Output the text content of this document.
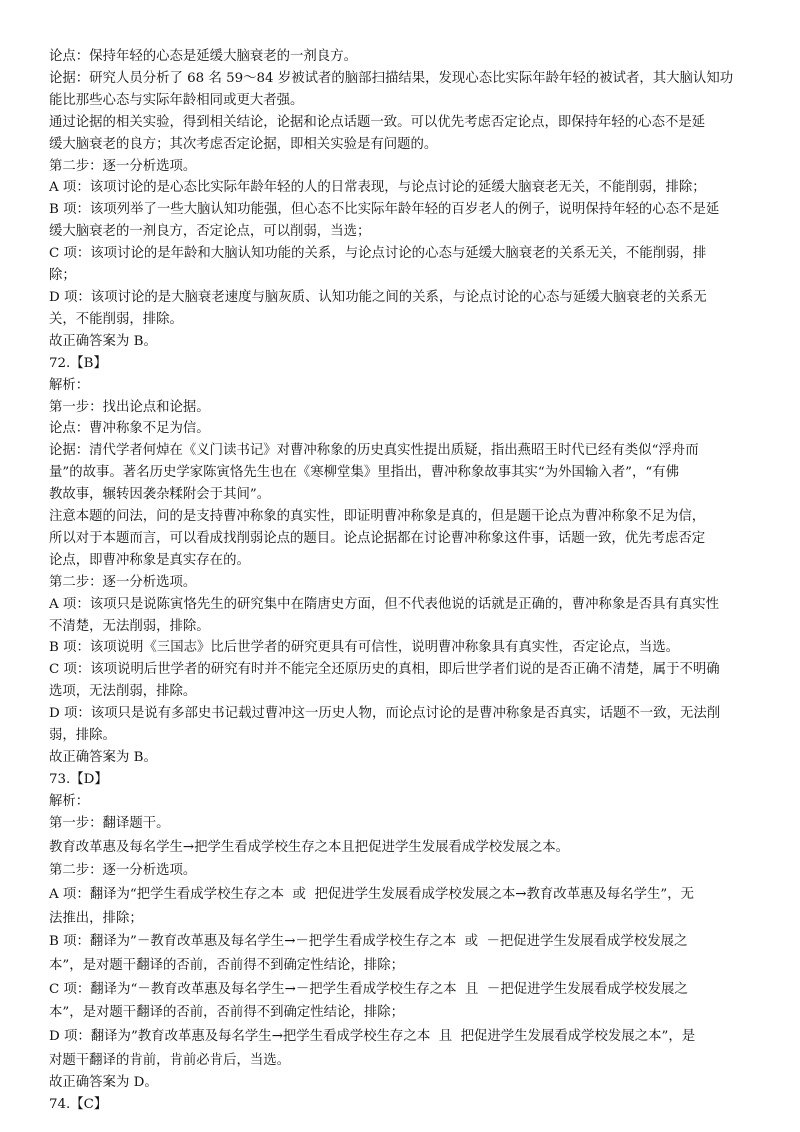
论点：保持年轻的心态是延缓大脑衰老的一剂良方。
论据：研究人员分析了 68 名 59～84 岁被试者的脑部扫描结果，发现心态比实际年龄年轻的被试者，其大脑认知功
能比那些心态与实际年龄相同或更大者强。
通过论据的相关实验，得到相关结论，论据和论点话题一致。可以优先考虑否定论点，即保持年轻的心态不是延
缓大脑衰老的良方；其次考虑否定论据，即相关实验是有问题的。
第二步：逐一分析选项。
A 项：该项讨论的是心态比实际年龄年轻的人的日常表现，与论点讨论的延缓大脑衰老无关，不能削弱，排除；
B 项：该项列举了一些大脑认知功能强，但心态不比实际年龄年轻的百岁老人的例子，说明保持年轻的心态不是延
缓大脑衰老的一剂良方，否定论点，可以削弱，当选；
C 项：该项讨论的是年龄和大脑认知功能的关系，与论点讨论的心态与延缓大脑衰老的关系无关，不能削弱，排
除；
D 项：该项讨论的是大脑衰老速度与脑灰质、认知功能之间的关系，与论点讨论的心态与延缓大脑衰老的关系无
关，不能削弱，排除。
故正确答案为 B。
72.【B】
解析：
第一步：找出论点和论据。
论点：曹冲称象不足为信。
论据：清代学者何焯在《义门读书记》对曹冲称象的历史真实性提出质疑，指出燕昭王时代已经有类似“浮舟而
量”的故事。著名历史学家陈寅恪先生也在《寒柳堂集》里指出，曹冲称象故事其实“为外国输入者”，“有佛
教故事，辗转因袭杂糅附会于其间”。
注意本题的问法，问的是支持曹冲称象的真实性，即证明曹冲称象是真的，但是题干论点为曹冲称象不足为信，
所以对于本题而言，可以看成找削弱论点的题目。论点论据都在讨论曹冲称象这件事，话题一致，优先考虑否定
论点，即曹冲称象是真实存在的。
第二步：逐一分析选项。
A 项：该项只是说陈寅恪先生的研究集中在隋唐史方面，但不代表他说的话就是正确的，曹冲称象是否具有真实性
不清楚，无法削弱，排除。
B 项：该项说明《三国志》比后世学者的研究更具有可信性，说明曹冲称象具有真实性，否定论点，当选。
C 项：该项说明后世学者的研究有时并不能完全还原历史的真相，即后世学者们说的是否正确不清楚，属于不明确
选项，无法削弱，排除。
D 项：该项只是说有多部史书记载过曹冲这一历史人物，而论点讨论的是曹冲称象是否真实，话题不一致，无法削
弱，排除。
故正确答案为 B。
73.【D】
解析：
第一步：翻译题干。
教育改革惠及每名学生→把学生看成学校生存之本且把促进学生发展看成学校发展之本。
第二步：逐一分析选项。
A 项：翻译为“把学生看成学校生存之本  或  把促进学生发展看成学校发展之本→教育改革惠及每名学生”，无
法推出，排除；
B 项：翻译为”－教育改革惠及每名学生→－把学生看成学校生存之本  或  －把促进学生发展看成学校发展之
本”，是对题干翻译的否前，否前得不到确定性结论，排除；
C 项：翻译为“－教育改革惠及每名学生→－把学生看成学校生存之本  且  －把促进学生发展看成学校发展之
本”，是对题干翻译的否前，否前得不到确定性结论，排除；
D 项：翻译为”教育改革惠及每名学生→把学生看成学校生存之本  且  把促进学生发展看成学校发展之本”，是
对题干翻译的肯前，肯前必肯后，当选。
故正确答案为 D。
74.【C】
